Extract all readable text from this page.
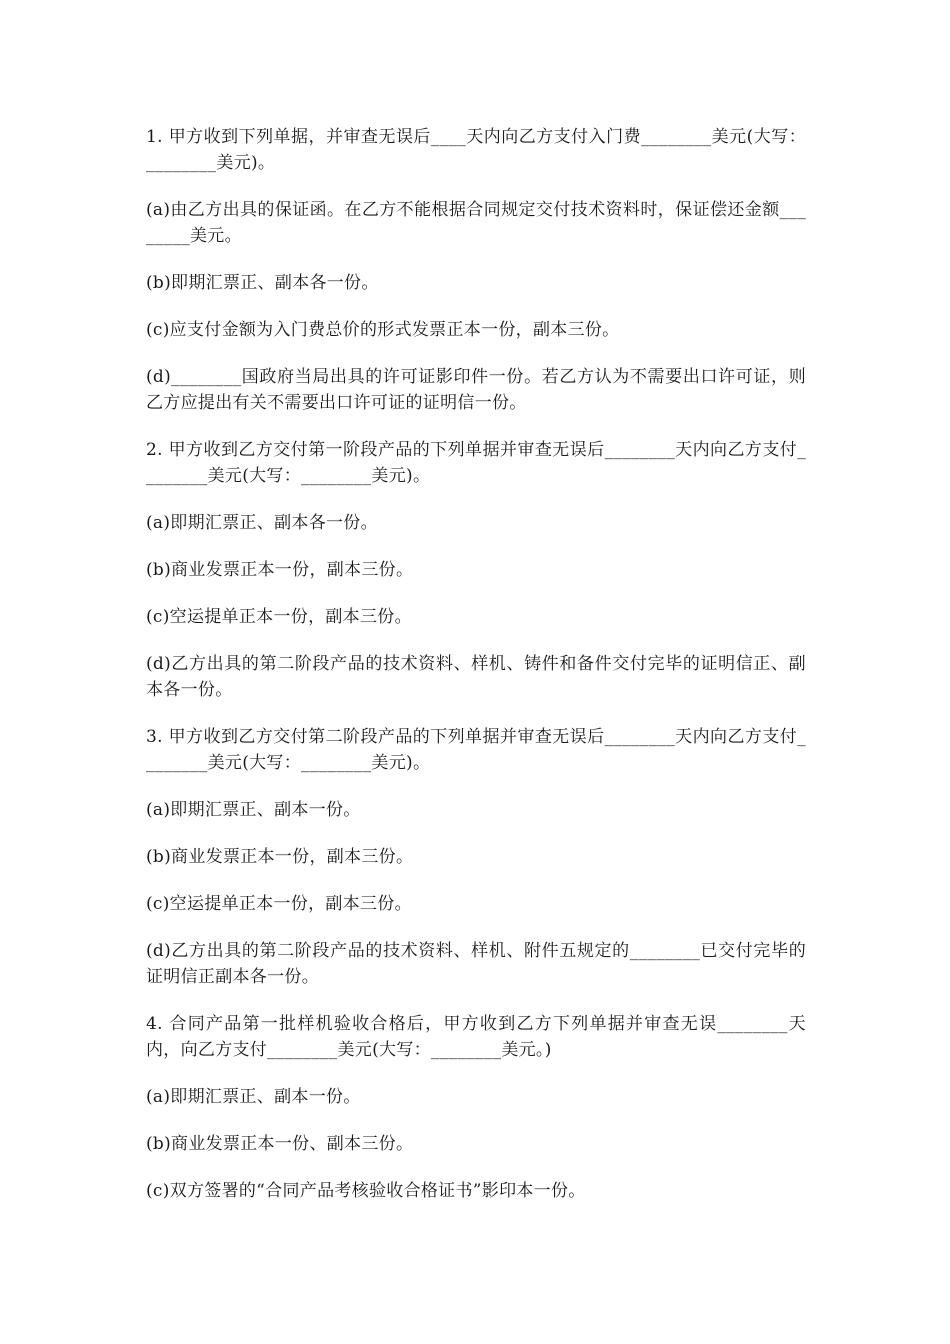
1. 甲方收到下列单据，并审查无误后____天内向乙方支付入门费________美元(大写：________美元)。

(a)由乙方出具的保证函。在乙方不能根据合同规定交付技术资料时，保证偿还金额________美元。

(b)即期汇票正、副本各一份。

(c)应支付金额为入门费总价的形式发票正本一份，副本三份。

(d)________国政府当局出具的许可证影印件一份。若乙方认为不需要出口许可证，则乙方应提出有关不需要出口许可证的证明信一份。

2. 甲方收到乙方交付第一阶段产品的下列单据并审查无误后________天内向乙方支付________美元(大写：________美元)。

(a)即期汇票正、副本各一份。

(b)商业发票正本一份，副本三份。

(c)空运提单正本一份，副本三份。

(d)乙方出具的第二阶段产品的技术资料、样机、铸件和备件交付完毕的证明信正、副本各一份。

3. 甲方收到乙方交付第二阶段产品的下列单据并审查无误后________天内向乙方支付________美元(大写：________美元)。

(a)即期汇票正、副本一份。

(b)商业发票正本一份，副本三份。

(c)空运提单正本一份，副本三份。

(d)乙方出具的第二阶段产品的技术资料、样机、附件五规定的________已交付完毕的证明信正副本各一份。

4. 合同产品第一批样机验收合格后，甲方收到乙方下列单据并审查无误________天内，向乙方支付________美元(大写：________美元。)

(a)即期汇票正、副本一份。

(b)商业发票正本一份、副本三份。

(c)双方签署的“合同产品考核验收合格证书”影印本一份。
